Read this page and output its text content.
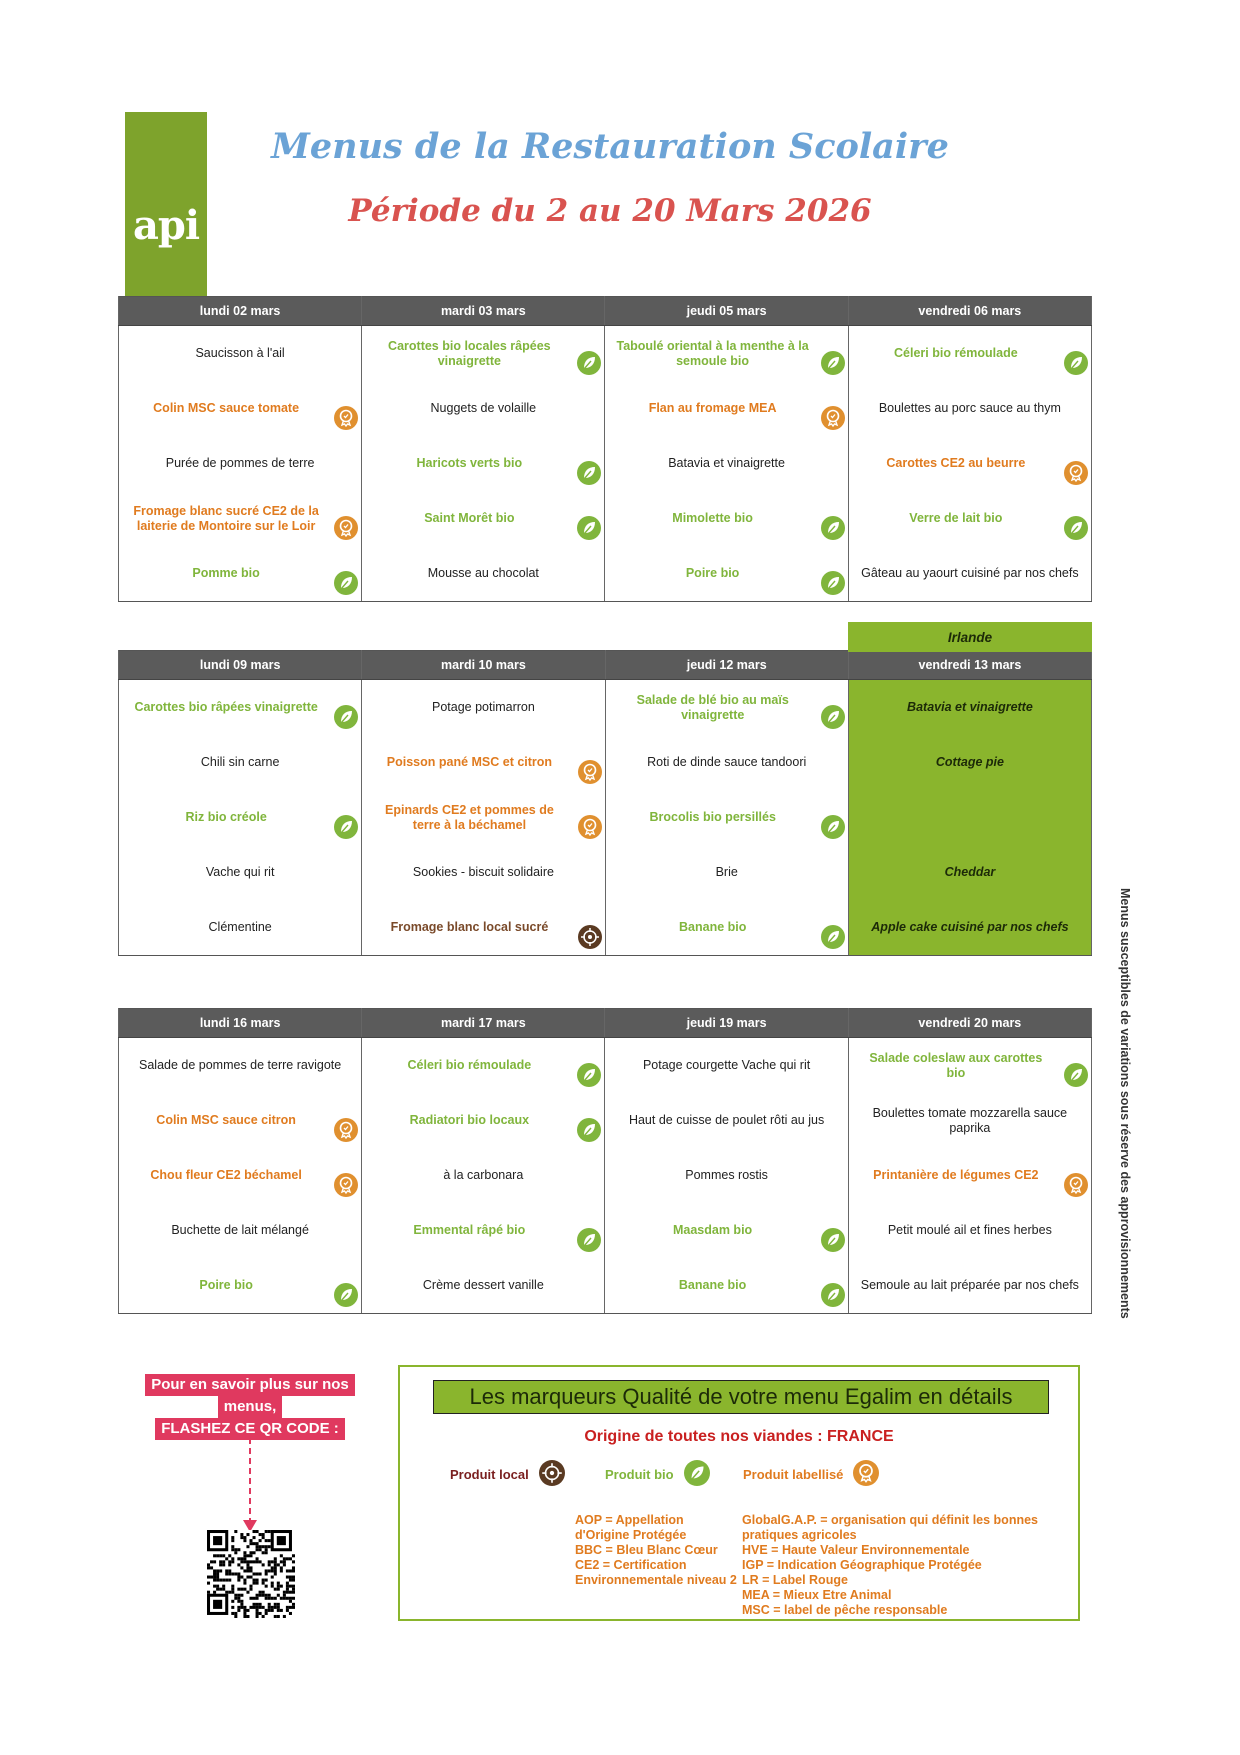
api
Menus de la Restauration Scolaire
Période du 2 au 20 Mars 2026
lundi 02 mars	mardi 03 mars	jeudi 05 mars	vendredi 06 mars

Saucisson à l'ail	Carottes bio locales râpées vinaigrette	Taboulé oriental à la menthe à la semoule bio	Céleri bio rémoulade

Colin MSC sauce tomate	Nuggets de volaille	Flan au fromage MEA	Boulettes au porc sauce au thym

Purée de pommes de terre	Haricots verts bio	Batavia et vinaigrette	Carottes CE2 au beurre

Fromage blanc sucré CE2 de la laiterie de Montoire sur le Loir	Saint Morêt bio	Mimolette bio	Verre de lait bio

Pomme bio	Mousse au chocolat	Poire bio	Gâteau au yaourt cuisiné par nos chefs
lundi 09 mars	mardi 10 mars	jeudi 12 mars	vendredi 13 mars

Carottes bio râpées vinaigrette	Potage potimarron	Salade de blé bio au maïs vinaigrette	Batavia et vinaigrette

Chili sin carne	Poisson pané MSC et citron	Roti de dinde sauce tandoori	Cottage pie

Riz bio créole	Epinards CE2 et pommes de terre à la béchamel	Brocolis bio persillés	

Vache qui rit	Sookies - biscuit solidaire	Brie	Cheddar

Clémentine	Fromage blanc local sucré	Banane bio	Apple cake cuisiné par nos chefs
lundi 16 mars	mardi 17 mars	jeudi 19 mars	vendredi 20 mars

Salade de pommes de terre ravigote	Céleri bio rémoulade	Potage courgette Vache qui rit	Salade coleslaw aux carottes bio

Colin MSC sauce citron	Radiatori bio locaux	Haut de cuisse de poulet rôti au jus	Boulettes tomate mozzarella sauce paprika

Chou fleur CE2 béchamel	à la carbonara	Pommes rostis	Printanière de légumes CE2

Buchette de lait mélangé	Emmental râpé bio	Maasdam bio	Petit moulé ail et fines herbes

Poire bio	Crème dessert vanille	Banane bio	Semoule au lait préparée par nos chefs
Irlande
Menus susceptibles de variations sous réserve des approvisionnements
Pour en savoir plus sur nos
menus,
FLASHEZ CE QR CODE :
Les marqueurs Qualité de votre menu Egalim en détails
Origine de toutes nos viandes : FRANCE
Produit local	Produit bio	Produit labellisé
AOP = Appellation
d'Origine Protégée
BBC = Bleu Blanc Cœur
CE2 = Certification
Environnementale niveau 2
GlobalG.A.P. = organisation qui définit les bonnes
pratiques agricoles
HVE = Haute Valeur Environnementale
IGP = Indication Géographique Protégée
LR = Label Rouge
MEA = Mieux Etre Animal
MSC = label de pêche responsable
